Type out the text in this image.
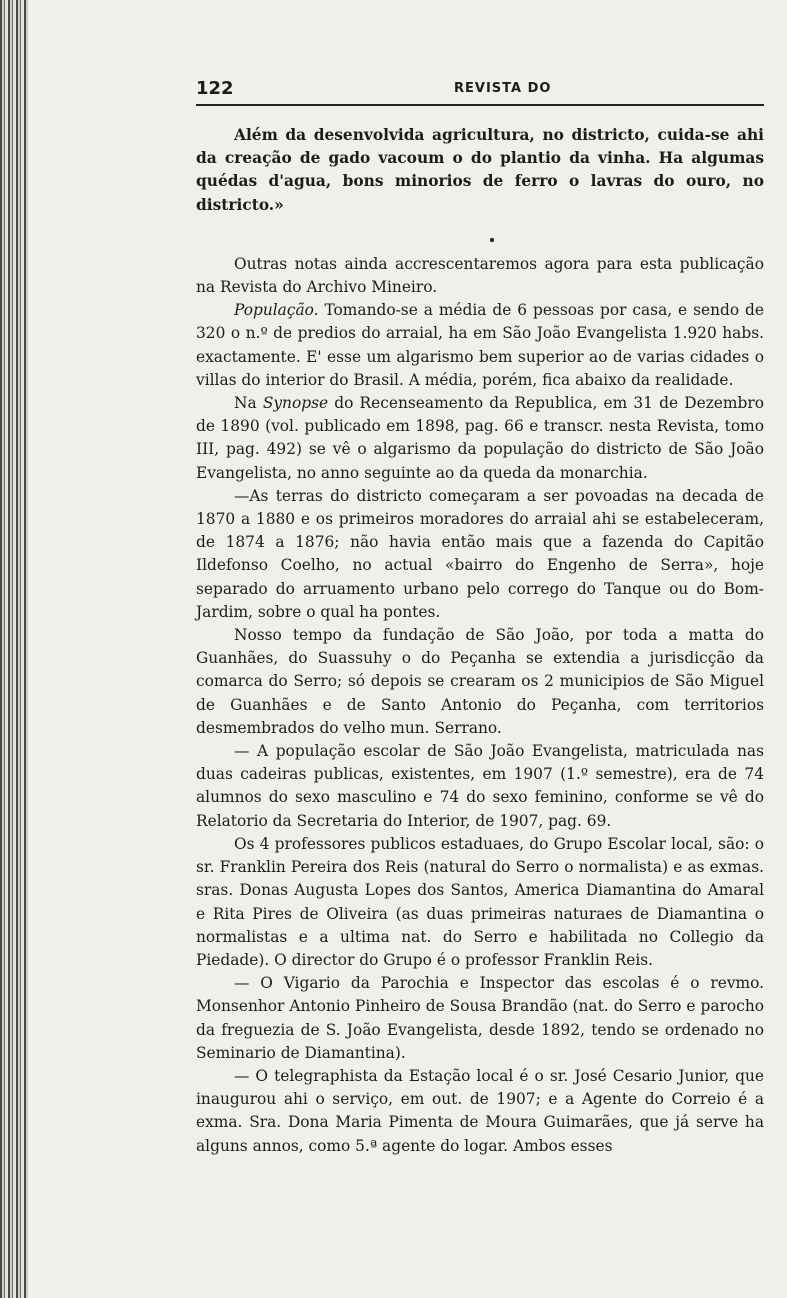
122	REVISTA DO

Além da desenvolvida agricultura, no districto, cuida-se ahi da creação de gado vacoum o do plantio da vinha. Ha algumas quédas d'agua, bons minorios de ferro o lavras do ouro, no districto.»

Outras notas ainda accrescentaremos agora para esta publicação na Revista do Archivo Mineiro.

População. Tomando-se a média de 6 pessoas por casa, e sendo de 320 o n.º de predios do arraial, ha em São João Evangelista 1.920 habs. exactamente. E' esse um algarismo bem superior ao de varias cidades o villas do interior do Brasil. A média, porém, fica abaixo da realidade.

Na Synopse do Recenseamento da Republica, em 31 de Dezembro de 1890 (vol. publicado em 1898, pag. 66 e transcr. nesta Revista, tomo III, pag. 492) se vê o algarismo da população do districto de São João Evangelista, no anno seguinte ao da queda da monarchia.

—As terras do districto começaram a ser povoadas na decada de 1870 a 1880 e os primeiros moradores do arraial ahi se estabeleceram, de 1874 a 1876; não havia então mais que a fazenda do Capitão Ildefonso Coelho, no actual «bairro do Engenho de Serra», hoje separado do arruamento urbano pelo corrego do Tanque ou do Bom-Jardim, sobre o qual ha pontes.

Nosso tempo da fundação de São João, por toda a matta do Guanhães, do Suassuhy o do Peçanha se extendia a jurisdicção da comarca do Serro; só depois se crearam os 2 municipios de São Miguel de Guanhães e de Santo Antonio do Peçanha, com territorios desmembrados do velho mun. Serrano.

— A população escolar de São João Evangelista, matriculada nas duas cadeiras publicas, existentes, em 1907 (1.º semestre), era de 74 alumnos do sexo masculino e 74 do sexo feminino, conforme se vê do Relatorio da Secretaria do Interior, de 1907, pag. 69.

Os 4 professores publicos estaduaes, do Grupo Escolar local, são: o sr. Franklin Pereira dos Reis (natural do Serro o normalista) e as exmas. sras. Donas Augusta Lopes dos Santos, America Diamantina do Amaral e Rita Pires de Oliveira (as duas primeiras naturaes de Diamantina o normalistas e a ultima nat. do Serro e habilitada no Collegio da Piedade). O director do Grupo é o professor Franklin Reis.

— O Vigario da Parochia e Inspector das escolas é o revmo. Monsenhor Antonio Pinheiro de Sousa Brandão (nat. do Serro e parocho da freguezia de S. João Evangelista, desde 1892, tendo se ordenado no Seminario de Diamantina).

— O telegraphista da Estação local é o sr. José Cesario Junior, que inaugurou ahi o serviço, em out. de 1907; e a Agente do Correio é a exma. Sra. Dona Maria Pimenta de Moura Guimarães, que já serve ha alguns annos, como 5.ª agente do logar. Ambos esses
